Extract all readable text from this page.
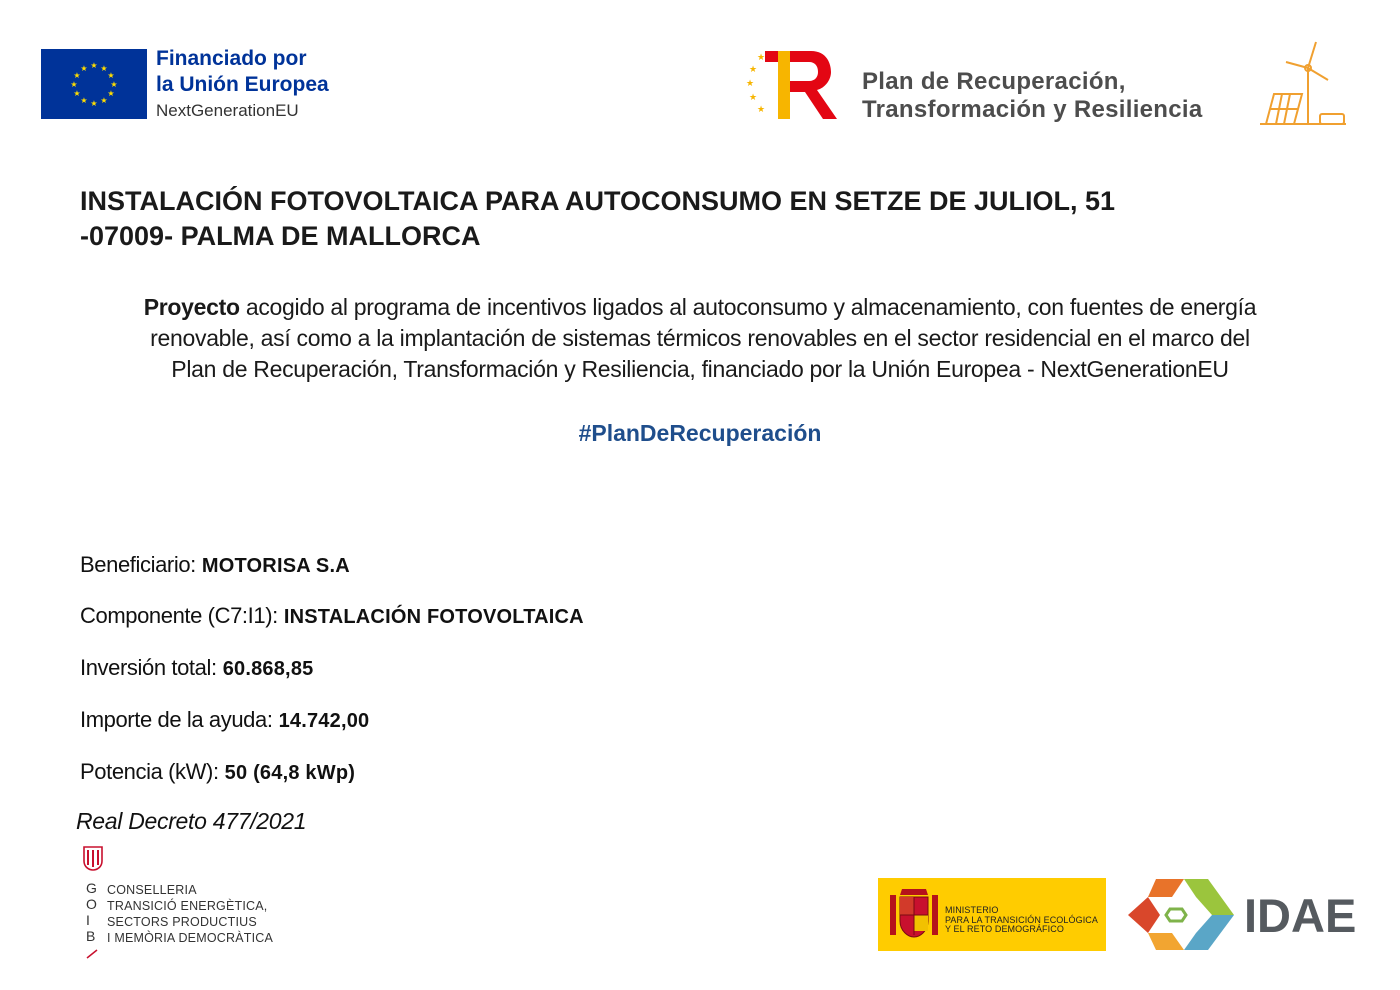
★ ★
★
★
★
★
★
★
★
★
★
★	Financiado por
la Unión Europea
NextGenerationEU
★
★
★
★
★
Plan de Recuperación,
Transformación y Resiliencia
INSTALACIÓN FOTOVOLTAICA PARA AUTOCONSUMO EN SETZE DE JULIOL, 51
-07009- PALMA DE MALLORCA
Proyecto acogido al programa de incentivos ligados al autoconsumo y almacenamiento, con fuentes de energía
renovable, así como a la implantación de sistemas térmicos renovables en el sector residencial en el marco del
Plan de Recuperación, Transformación y Resiliencia, financiado por la Unión Europea - NextGenerationEU
#PlanDeRecuperación
Beneficiario: MOTORISA S.A
Componente (C7:I1): INSTALACIÓN FOTOVOLTAICA
Inversión total: 60.868,85
Importe de la ayuda: 14.742,00
Potencia (kW): 50 (64,8 kWp)
Real Decreto 477/2021
G
O
I
B
CONSELLERIA
TRANSICIÓ ENERGÈTICA,
SECTORS PRODUCTIUS
I MEMÒRIA DEMOCRÀTICA
MINISTERIO
PARA LA TRANSICIÓN ECOLÓGICA
Y EL RETO DEMOGRÁFICO	IDAE
